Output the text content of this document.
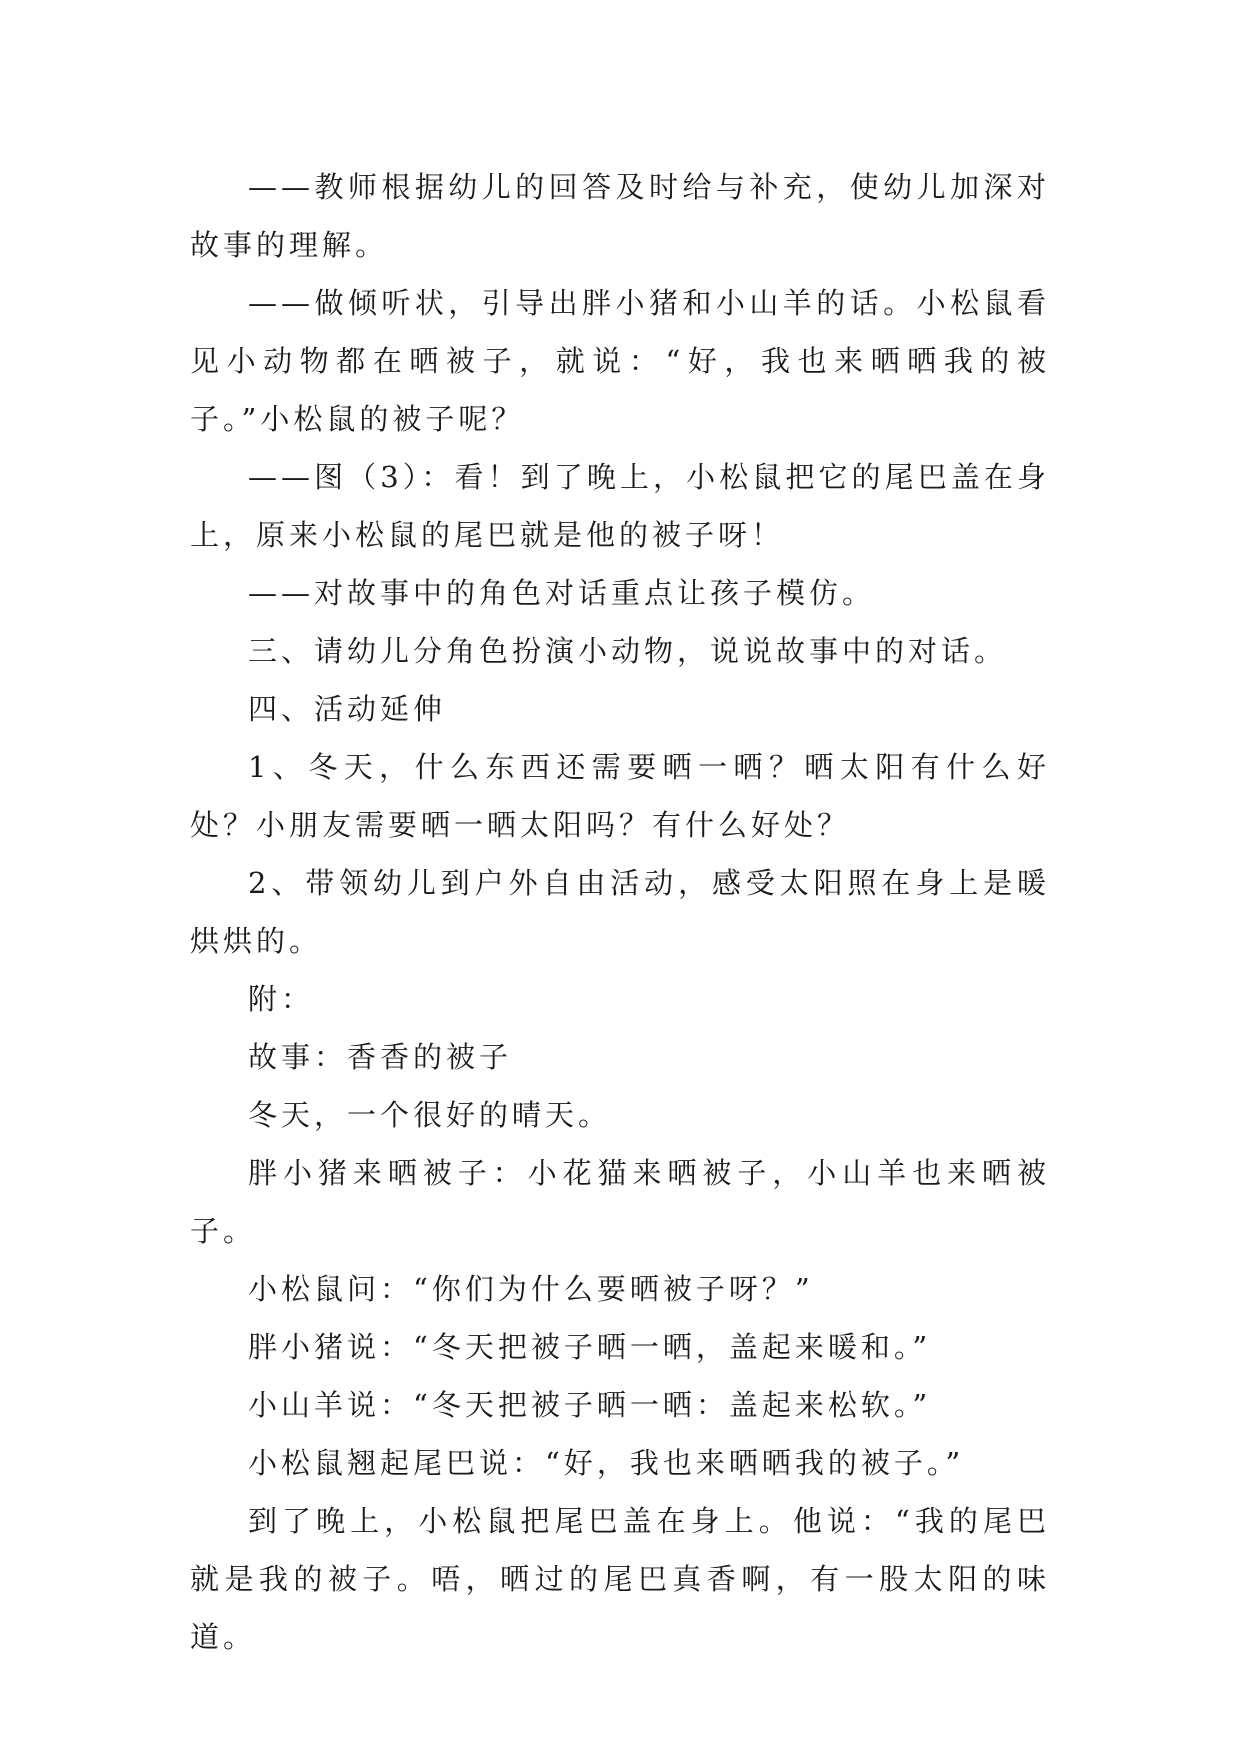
——教师根据幼儿的回答及时给与补充，使幼儿加深对故事的理解。

——做倾听状，引导出胖小猪和小山羊的话。小松鼠看见小动物都在晒被子，就说：“好，我也来晒晒我的被子。”小松鼠的被子呢？

——图（3）：看！到了晚上，小松鼠把它的尾巴盖在身上，原来小松鼠的尾巴就是他的被子呀！

——对故事中的角色对话重点让孩子模仿。

三、请幼儿分角色扮演小动物，说说故事中的对话。

四、活动延伸

1、冬天，什么东西还需要晒一晒？晒太阳有什么好处？小朋友需要晒一晒太阳吗？有什么好处？

2、带领幼儿到户外自由活动，感受太阳照在身上是暖烘烘的。

附：

故事：香香的被子

冬天，一个很好的晴天。

胖小猪来晒被子：小花猫来晒被子，小山羊也来晒被子。

小松鼠问：“你们为什么要晒被子呀？”

胖小猪说：“冬天把被子晒一晒，盖起来暖和。”

小山羊说：“冬天把被子晒一晒：盖起来松软。”

小松鼠翘起尾巴说：“好，我也来晒晒我的被子。”

到了晚上，小松鼠把尾巴盖在身上。他说：“我的尾巴就是我的被子。唔，晒过的尾巴真香啊，有一股太阳的味道。
